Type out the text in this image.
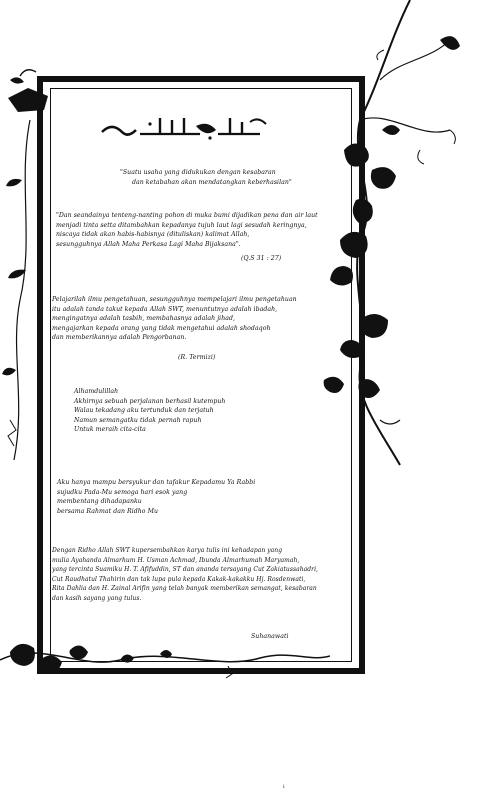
"Suatu usaha yang didukukan dengan kesabaran
dan ketabahan akan mendatangkan keberhasilan"
"Dan seandainya tenteng-nanting pohon di muka bumi dijadikan pena dan air laut
menjadi tinta setta ditambahkan kepadanya tujuh laut lagi sesudah keringnya,
niscaya tidak akan habis-habisnya (dituliskan) kalimat Allah,
sesungguhnya Allah Maha Perkasa Lagi Maha Bijaksana".
(Q.S 31 : 27)
Pelajarilah ilmu pengetahuan, sesungguhnya mempelajari ilmu pengetahuan
itu adalah tanda takut kepada Allah SWT, menuntutnya adalah ibadah,
mengingatnya adalah tasbih, membahasnya adalah jihad,
mengajarkan kepada orang yang tidak mengetahui adalah shodaqoh
dan memberikannya adalah Pengorbanan.
(R. Termizi)
Alhamdulillah
Akhirnya sebuah perjalanan berhasil kutempuh
Walau tekadang aku tertunduk dan terjatuh
Namun semangatku tidak pernah rapuh
Untuk meraih cita-cita
Aku hanya mampu bersyukur dan tafakur Kepadamu Ya Rabbi
sujudku Pada-Mu semoga hari esok yang
membentang dihadapanku
bersama Rahmat dan Ridho Mu
Dengan Ridho Allah SWT kupersembahkan karya tulis ini kehadapan yang
mulia Ayahanda Almarhum H. Usman Achmad, Ibunda Almarhumah Maryamah,
yang tercinta Suamiku H. T. Afifuddin, ST dan ananda tersayang Cut Zakiatussahadri,
Cut Raudhatul Thahirin dan tak lupa pula kepada Kakak-kakakku Hj. Rosdenwati,
Rita Dahlia dan H. Zainal Arifin yang telah banyak memberikan semangat, kesabaran
dan kasih sayang yang tulus.
Suhanawati
i
